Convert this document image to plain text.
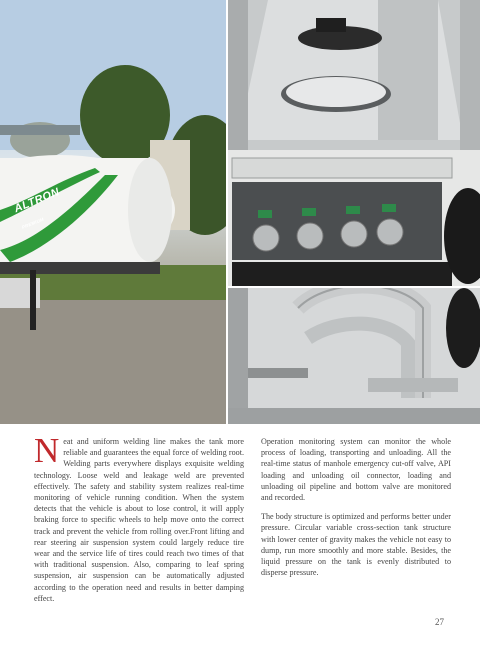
ALTRON
PREMIUM

Neat and uniform welding line makes the tank more reliable and guarantees the equal force of welding root. Welding parts everywhere displays exquisite welding technology. Loose weld and leakage weld are prevented effectively. The safety and stability system realizes real-time monitoring of vehicle running condition. When the system detects that the vehicle is about to lose control, it will apply braking force to specific wheels to help move onto the correct track and prevent the vehicle from rolling over.Front lifting and rear steering air suspension system could largely reduce tire wear and the service life of tires could reach two times of that with traditional suspension. Also, comparing to leaf spring suspension, air suspension can be automatically adjusted according to the operation need and results in better damping effect.

Operation monitoring system can monitor the whole process of loading, transporting and unloading. All the real-time status of manhole emergency cut-off valve, API loading and unloading oil connector, loading and unloading oil pipeline and bottom valve are monitored and recorded.

The body structure is optimized and performs better under pressure. Circular variable cross-section tank structure with lower center of gravity makes the vehicle not easy to dump, run more smoothly and more stable. Besides, the liquid pressure on the tank is evenly distributed to disperse pressure.

27
